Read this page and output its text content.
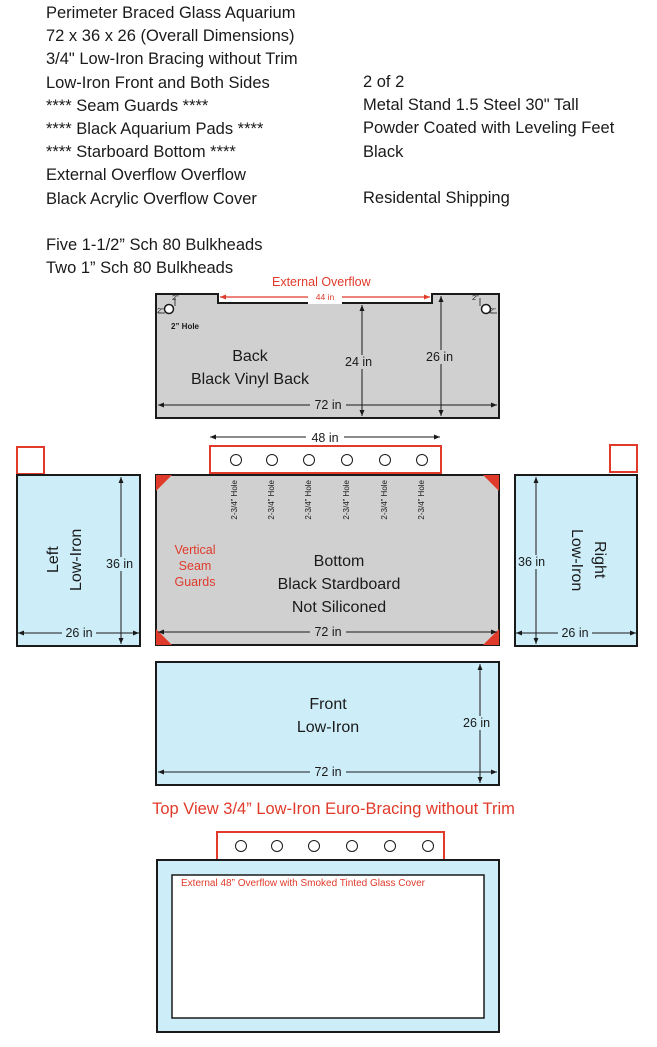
Perimeter Braced Glass Aquarium
72 x 36 x 26 (Overall Dimensions)
3/4" Low-Iron Bracing without Trim
Low-Iron Front and Both Sides
**** Seam Guards ****
**** Black Aquarium Pads ****
**** Starboard Bottom ****
External Overflow Overflow
Black Acrylic Overflow Cover
Five 1-1/2” Sch 80 Bulkheads
Two 1” Sch 80 Bulkheads
2 of 2
Metal Stand 1.5 Steel 30" Tall
Powder Coated with Leveling Feet
Black
Residental Shipping
External Overflow
44 in
2”	2”
2”	2”
2” Hole
Back
Black Vinyl Back
24 in	26 in
72 in
48 in
2-3/4” Hole	2-3/4” Hole	2-3/4” Hole	2-3/4” Hole	2-3/4” Hole	2-3/4” Hole
Vertical
Seam
Guards
Bottom
Black Stardboard
Not Siliconed
72 in
Left Low-Iron 36 in
26 in
Right
Low-Iron
36 in
26 in
Front
Low-Iron	26 in
72 in
Top View 3/4” Low-Iron Euro-Bracing without Trim
External 48” Overflow with Smoked Tinted Glass Cover
